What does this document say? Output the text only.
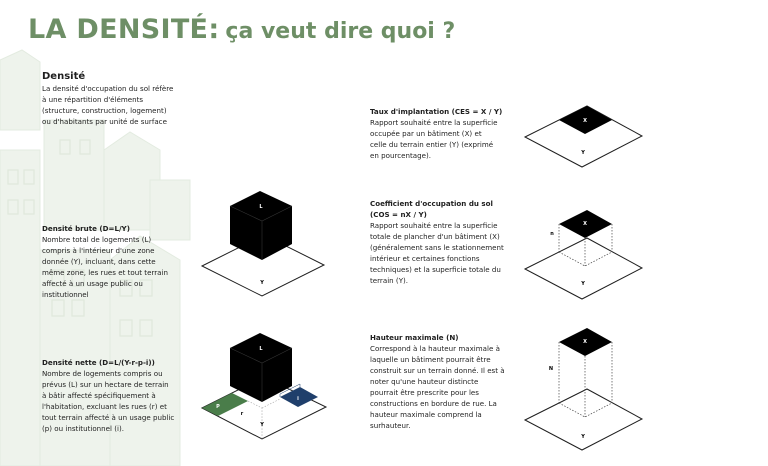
LA DENSITÉ: ça veut dire quoi ?
Densité
La densité d'occupation du sol réfère
à une répartition d'éléments
(structure, construction, logement)
ou d'habitants par unité de surface
Densité brute (D=L/Y)
Nombre total de logements (L)
compris à l'intérieur d'une zone
donnée (Y), incluant, dans cette
même zone, les rues et tout terrain
affecté à un usage public ou
institutionnel
Densité nette (D=L/(Y-r-p-i))
Nombre de logements compris ou
prévus (L) sur un hectare de terrain
à bâtir affecté spécifiquement à
l'habitation, excluant les rues (r) et
tout terrain affecté à un usage public
(p) ou institutionnel (i).
Taux d'implantation (CES = X / Y)
Rapport souhaité entre la superficie
occupée par un bâtiment (X) et
celle du terrain entier (Y) (exprimé
en pourcentage).
Coefficient d'occupation du sol
(COS = nX / Y)
Rapport souhaité entre la superficie
totale de plancher d'un bâtiment (X)
(généralement sans le stationnement
intérieur et certaines fonctions
techniques) et la superficie totale du
terrain (Y).
Hauteur maximale (N)
Correspond à la hauteur maximale à
laquelle un bâtiment pourrait être
construit sur un terrain donné. Il est à
noter qu'une hauteur distincte
pourrait être prescrite pour les
constructions en bordure de rue. La
hauteur maximale comprend la
surhauteur.
X
Y
X
n
Y
X
N
Y
L
Y
L
P
i
r
Y
